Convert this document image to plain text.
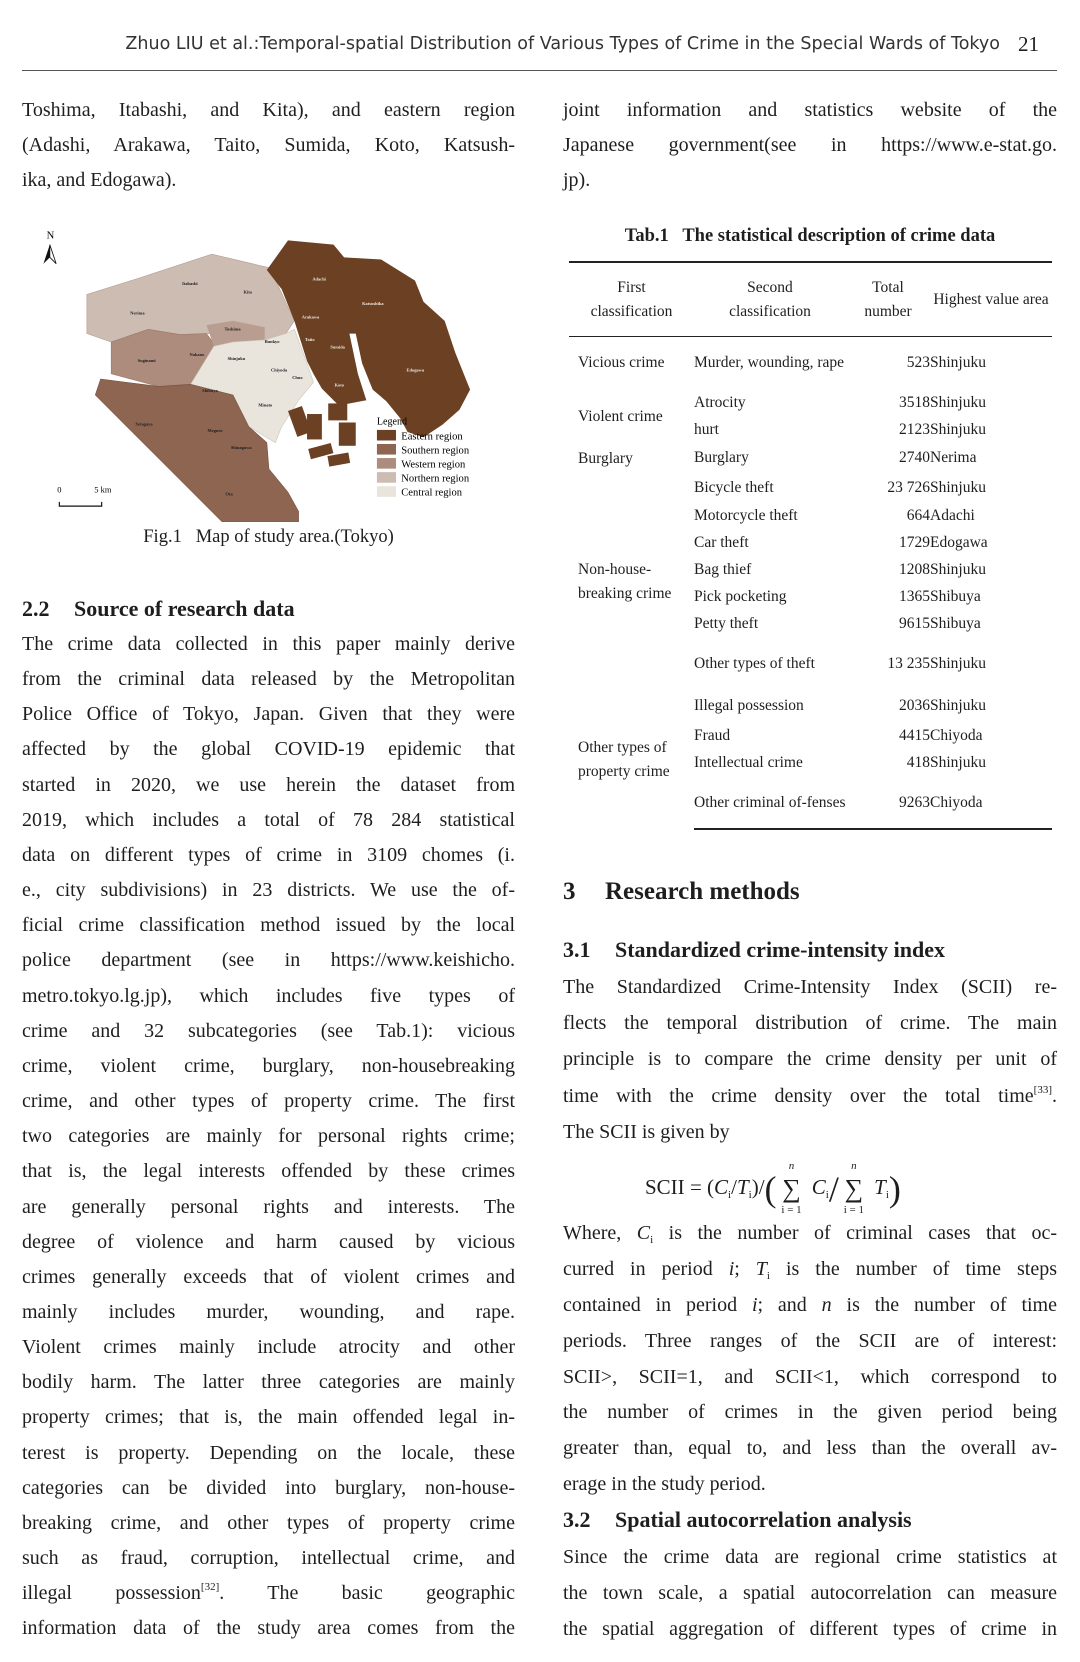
Zhuo LIU et al.:Temporal-spatial Distribution of Various Types of Crime in the Special Wards of Tokyo 21
Toshima, Itabashi, and Kita), and eastern region
(Adashi, Arakawa, Taito, Sumida, Koto, Katsush-
ika, and Edogawa).
joint information and statistics website of the
Japanese government(see in https://www.e-stat.go.
jp).
N
Itabashi
Kita
Nerima
Toshima
Suginami
Nakano
Bunkyo
Shinjuku
Chiyoda
Chuo
Shibuya
Minato
Setagaya
Meguro
Shinagawa
Ota
Adachi
Katsushika
Arakawa
Taito
Sumida
Koto
Edogawa
0	5 km
Legend
Eastern region
Southern region
Western region
Northern region
Central region
Fig.1   Map of study area.(Tokyo)
2.2 Source of research data
The crime data collected in this paper mainly derive
from the criminal data released by the Metropolitan
Police Office of Tokyo, Japan. Given that they were
affected by the global COVID-19 epidemic that
started in 2020, we use herein the dataset from
2019, which includes a total of 78 284 statistical
data on different types of crime in 3109 chomes (i.
e., city subdivisions) in 23 districts. We use the of-
ficial crime classification method issued by the local
police department (see in https://www.keishicho.
metro.tokyo.lg.jp), which includes five types of
crime and 32 subcategories (see Tab.1): vicious
crime, violent crime, burglary, non-housebreaking
crime, and other types of property crime. The first
two categories are mainly for personal rights crime;
that is, the legal interests offended by these crimes
are generally personal rights and interests. The
degree of violence and harm caused by vicious
crimes generally exceeds that of violent crimes and
mainly includes murder, wounding, and rape.
Violent crimes mainly include atrocity and other
bodily harm. The latter three categories are mainly
property crimes; that is, the main offended legal in-
terest is property. Depending on the locale, these
categories can be divided into burglary, non-house-
breaking crime, and other types of property crime
such as fraud, corruption, intellectual crime, and
illegal possession[32]. The basic geographic
information data of the study area comes from the
Tab.1   The statistical description of crime data
First classification	Second classification	Total number	Highest value area
Vicious crime	Murder, wounding, rape	523	Shinjuku
Violent crime	Atrocity	3518	Shinjuku
	hurt	2123	Shinjuku
Burglary	Burglary	2740	Nerima
Non-house-breaking crime	Bicycle theft	23 726	Shinjuku
	Motorcycle theft	664	Adachi
	Car theft	1729	Edogawa
	Bag thief	1208	Shinjuku
	Pick pocketing	1365	Shibuya
	Petty theft	9615	Shibuya
	Other types of theft	13 235	Shinjuku
Other types of property crime	Illegal possession	2036	Shinjuku
	Fraud	4415	Chiyoda
	Intellectual crime	418	Shinjuku
	Other criminal of-fenses	9263	Chiyoda
3 Research methods
3.1 Standardized crime-intensity index
The Standardized Crime-Intensity Index (SCII) re-
flects the temporal distribution of crime. The main
principle is to compare the crime density per unit of
time with the crime density over the total time[33].
The SCII is given by
SCII = $(C_i/T_i)/$(
n
∑
i = 1
$C_i/$
n
∑
i = 1
$T_i$)
Where, $C_i$ is the number of criminal cases that oc-
curred in period i; $T_i$ is the number of time steps
contained in period i; and n is the number of time
periods. Three ranges of the SCII are of interest:
SCII>, SCII=1, and SCII<1, which correspond to
the number of crimes in the given period being
greater than, equal to, and less than the overall av-
erage in the study period.
3.2 Spatial autocorrelation analysis
Since the crime data are regional crime statistics at
the town scale, a spatial autocorrelation can measure
the spatial aggregation of different types of crime in
